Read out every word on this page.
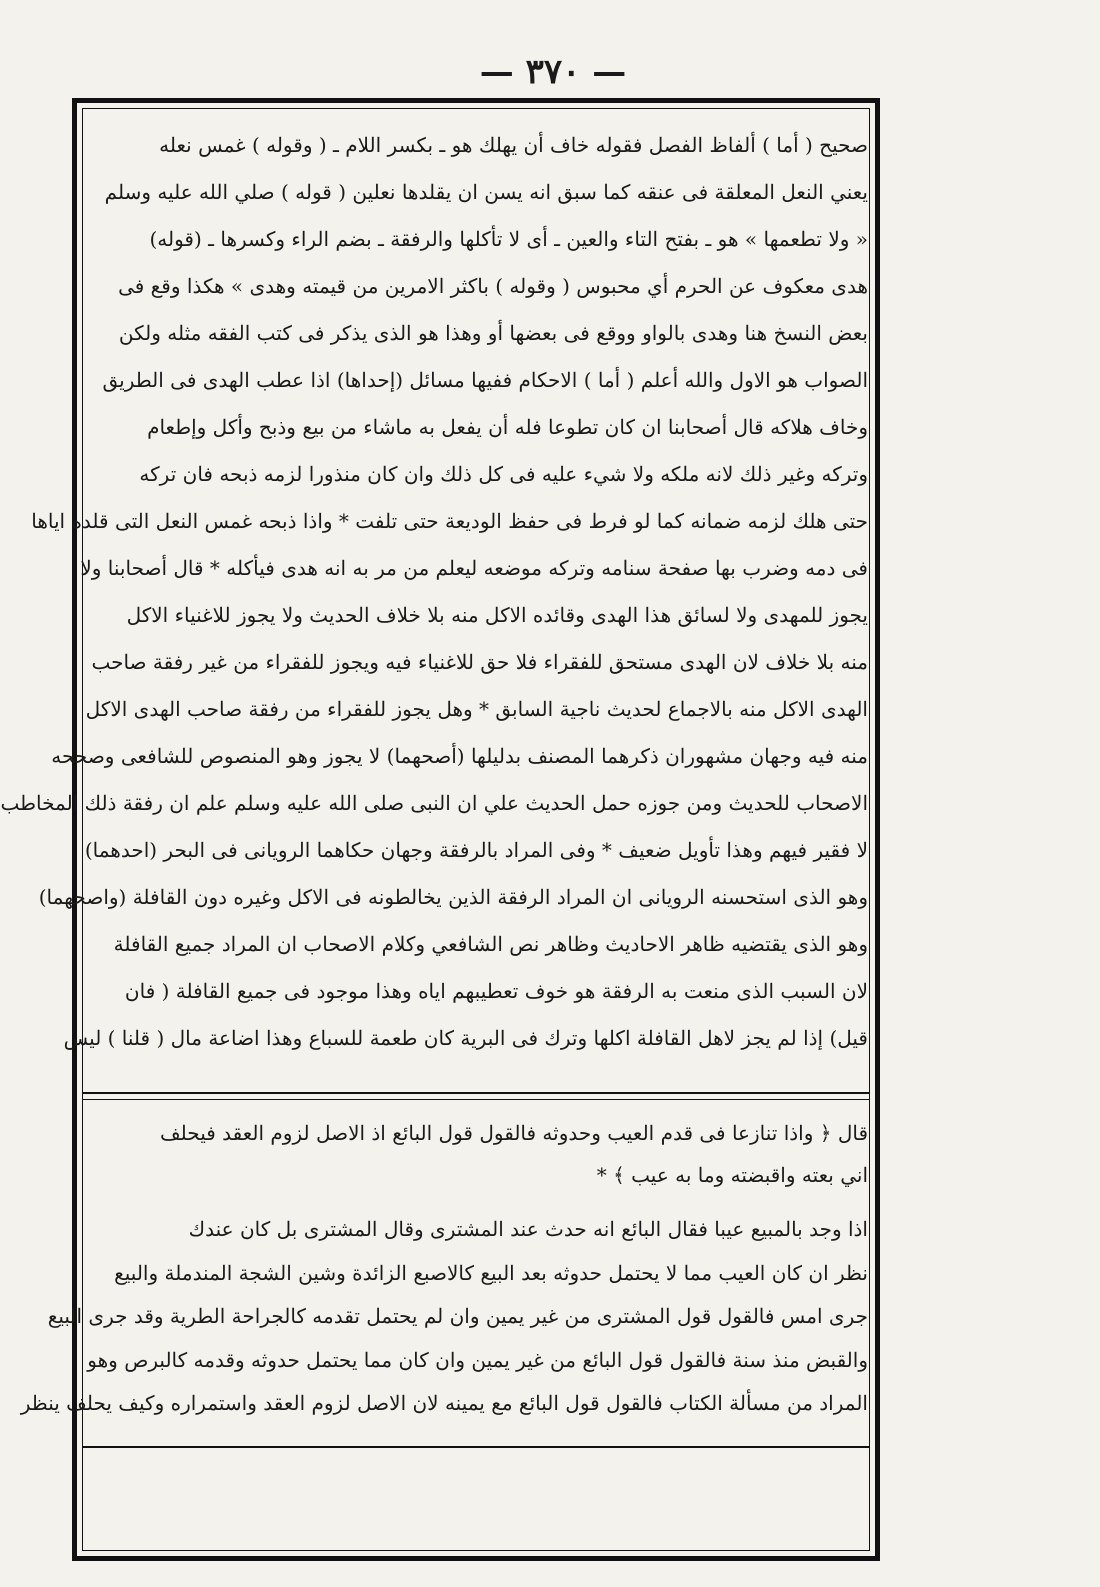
— ٣٧٠ —
صحيح ( أما ) ألفاظ الفصل فقوله خاف أن يهلك هو ـ بكسر اللام ـ ( وقوله ) غمس نعله
يعني النعل المعلقة فى عنقه كما سبق انه يسن ان يقلدها نعلين ( قوله ) صلي الله عليه وسلم
« ولا تطعمها » هو ـ بفتح التاء والعين ـ أى لا تأكلها والرفقة ـ بضم الراء وكسرها ـ (قوله)
هدى معكوف عن الحرم أي محبوس ( وقوله ) باكثر الامرين من قيمته وهدى » هكذا وقع فى
بعض النسخ هنا وهدى بالواو ووقع فى بعضها أو وهذا هو الذى يذكر فى كتب الفقه مثله ولكن
الصواب هو الاول والله أعلم ( أما ) الاحكام ففيها مسائل (إحداها) اذا عطب الهدى فى الطريق
وخاف هلاكه قال أصحابنا ان كان تطوعا فله أن يفعل به ماشاء من بيع وذبح وأكل وإطعام
وتركه وغير ذلك لانه ملكه ولا شيء عليه فى كل ذلك وان كان منذورا لزمه ذبحه فان تركه
حتى هلك لزمه ضمانه كما لو فرط فى حفظ الوديعة حتى تلفت * واذا ذبحه غمس النعل التى قلده اياها
فى دمه وضرب بها صفحة سنامه وتركه موضعه ليعلم من مر به انه هدى فيأكله * قال أصحابنا ولا
يجوز للمهدى ولا لسائق هذا الهدى وقائده الاكل منه بلا خلاف الحديث ولا يجوز للاغنياء الاكل
منه بلا خلاف لان الهدى مستحق للفقراء فلا حق للاغنياء فيه ويجوز للفقراء من غير رفقة صاحب
الهدى الاكل منه بالاجماع لحديث ناجية السابق * وهل يجوز للفقراء من رفقة صاحب الهدى الاكل
منه فيه وجهان مشهوران ذكرهما المصنف بدليلها (أصحهما) لا يجوز وهو المنصوص للشافعى وصححه
الاصحاب للحديث ومن جوزه حمل الحديث علي ان النبى صلى الله عليه وسلم علم ان رفقة ذلك المخاطب
لا فقير فيهم وهذا تأويل ضعيف * وفى المراد بالرفقة وجهان حكاهما الرويانى فى البحر (احدهما)
وهو الذى استحسنه الرويانى ان المراد الرفقة الذين يخالطونه فى الاكل وغيره دون القافلة (واصحهما)
وهو الذى يقتضيه ظاهر الاحاديث وظاهر نص الشافعي وكلام الاصحاب ان المراد جميع القافلة
لان السبب الذى منعت به الرفقة هو خوف تعطيبهم اياه وهذا موجود فى جميع القافلة ( فان
قيل) إذا لم يجز لاهل القافلة اكلها وترك فى البرية كان طعمة للسباع وهذا اضاعة مال ( قلنا ) ليس
قال ﴿ واذا تنازعا فى قدم العيب وحدوثه فالقول قول البائع اذ الاصل لزوم العقد فيحلف
اني بعته واقبضته وما به عيب ﴾ *
اذا وجد بالمبيع عيبا فقال البائع انه حدث عند المشترى وقال المشترى بل كان عندك
نظر ان كان العيب مما لا يحتمل حدوثه بعد البيع كالاصبع الزائدة وشين الشجة المندملة والبيع
جرى امس فالقول قول المشترى من غير يمين وان لم يحتمل تقدمه كالجراحة الطرية وقد جرى البيع
والقبض منذ سنة فالقول قول البائع من غير يمين وان كان مما يحتمل حدوثه وقدمه كالبرص وهو
المراد من مسألة الكتاب فالقول قول البائع مع يمينه لان الاصل لزوم العقد واستمراره وكيف يحلف ينظر
